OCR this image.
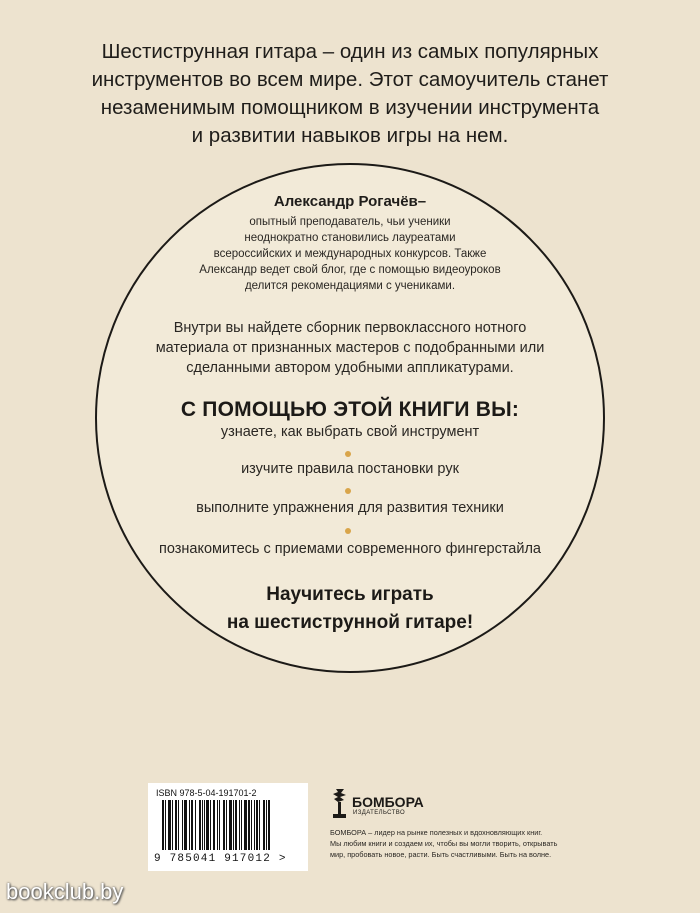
Шестиструнная гитара – один из самых популярных
инструментов во всем мире. Этот самоучитель станет
незаменимым помощником в изучении инструмента
и развитии навыков игры на нем.
Александр Рогачёв–
опытный преподаватель, чьи ученики
неоднократно становились лауреатами
всероссийских и международных конкурсов. Также
Александр ведет свой блог, где с помощью видеоуроков
делится рекомендациями с учениками.
Внутри вы найдете сборник первоклассного нотного
материала от признанных мастеров с подобранными или
сделанными автором удобными аппликатурами.
С ПОМОЩЬЮ ЭТОЙ КНИГИ ВЫ:
узнаете, как выбрать свой инструмент
изучите правила постановки рук
выполните упражнения для развития техники
познакомитесь с приемами современного фингерстайла
Научитесь играть
на шестиструнной гитаре!
ISBN 978-5-04-191701-2
9 785041 917012 >
БОМБОРА
ИЗДАТЕЛЬСТВО
БОМБОРА – лидер на рынке полезных и вдохновляющих книг.
Мы любим книги и создаем их, чтобы вы могли творить, открывать
мир, пробовать новое, расти. Быть счастливыми. Быть на волне.
bookclub.by
